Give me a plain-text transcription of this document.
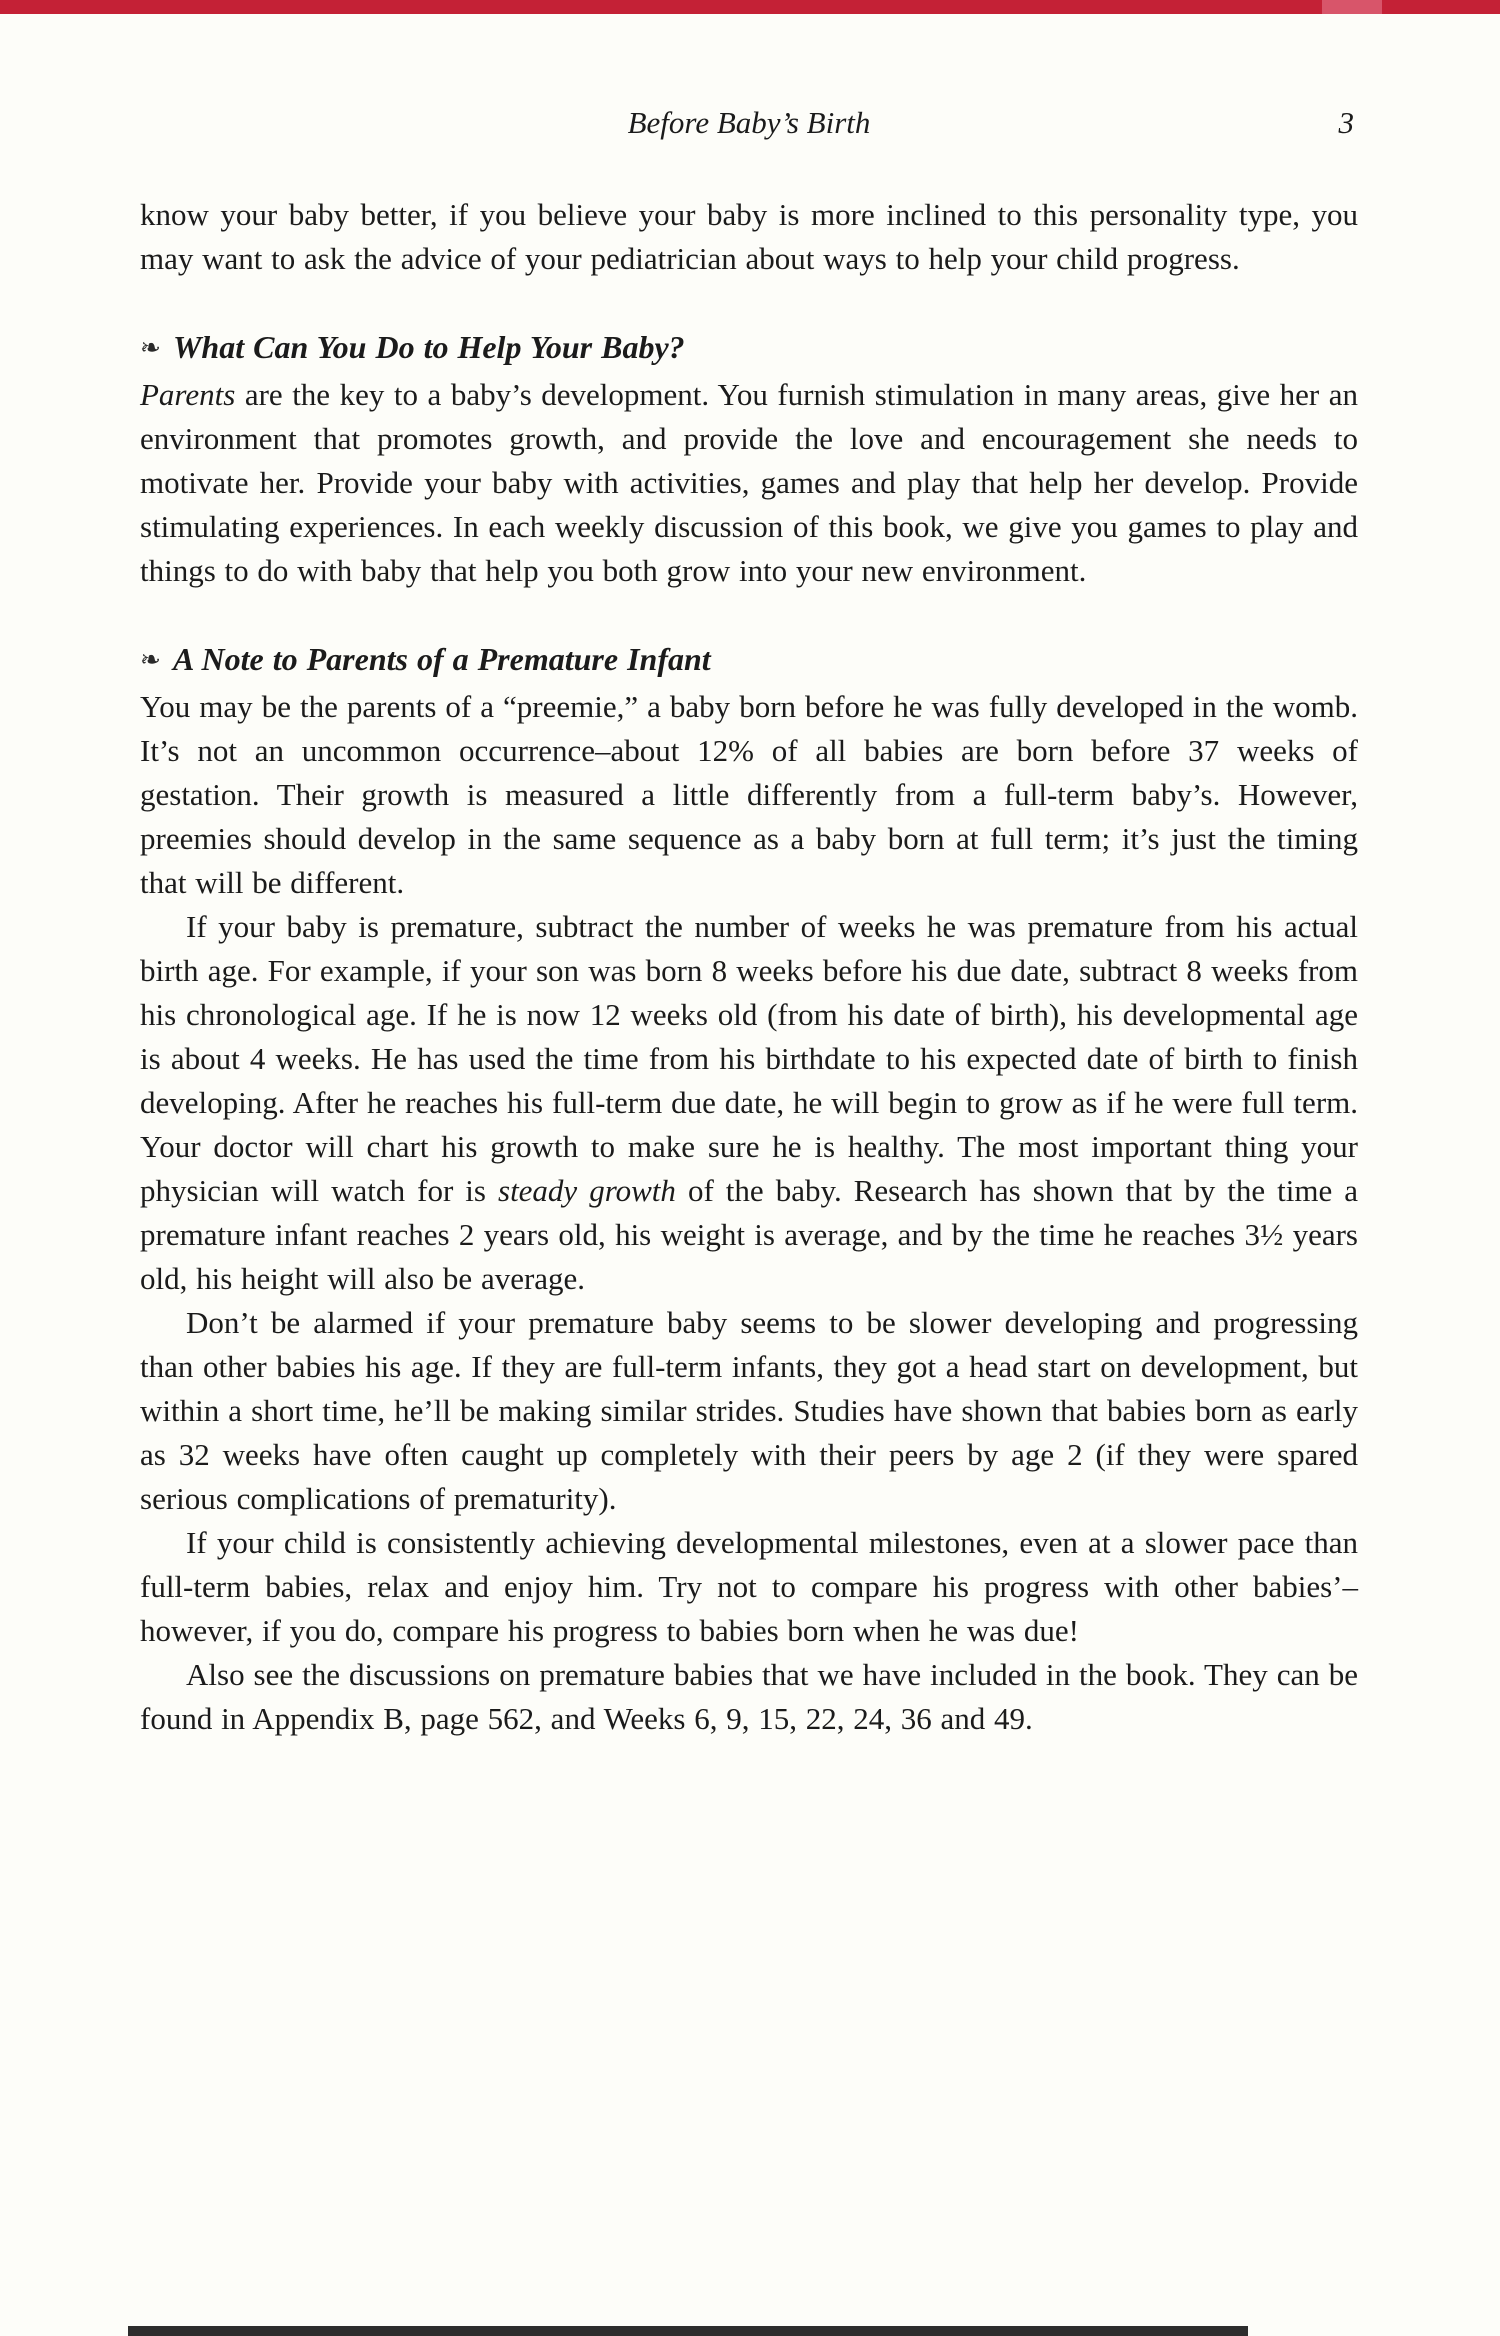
Before Baby’s Birth	3

know your baby better, if you believe your baby is more inclined to this personality type, you may want to ask the advice of your pediatrician about ways to help your child progress.

❧ What Can You Do to Help Your Baby?

Parents are the key to a baby’s development. You furnish stimulation in many areas, give her an environment that promotes growth, and provide the love and encouragement she needs to motivate her. Provide your baby with activities, games and play that help her develop. Provide stimulating experiences. In each weekly discussion of this book, we give you games to play and things to do with baby that help you both grow into your new environment.

❧ A Note to Parents of a Premature Infant

You may be the parents of a “preemie,” a baby born before he was fully developed in the womb. It’s not an uncommon occurrence–about 12% of all babies are born before 37 weeks of gestation. Their growth is measured a little differently from a full-term baby’s. However, preemies should develop in the same sequence as a baby born at full term; it’s just the timing that will be different.

If your baby is premature, subtract the number of weeks he was premature from his actual birth age. For example, if your son was born 8 weeks before his due date, subtract 8 weeks from his chronological age. If he is now 12 weeks old (from his date of birth), his developmental age is about 4 weeks. He has used the time from his birthdate to his expected date of birth to finish developing. After he reaches his full-term due date, he will begin to grow as if he were full term. Your doctor will chart his growth to make sure he is healthy. The most important thing your physician will watch for is steady growth of the baby. Research has shown that by the time a premature infant reaches 2 years old, his weight is average, and by the time he reaches 3½ years old, his height will also be average.

Don’t be alarmed if your premature baby seems to be slower developing and progressing than other babies his age. If they are full-term infants, they got a head start on development, but within a short time, he’ll be making similar strides. Studies have shown that babies born as early as 32 weeks have often caught up completely with their peers by age 2 (if they were spared serious complications of prematurity).

If your child is consistently achieving developmental milestones, even at a slower pace than full-term babies, relax and enjoy him. Try not to compare his progress with other babies’–however, if you do, compare his progress to babies born when he was due!

Also see the discussions on premature babies that we have included in the book. They can be found in Appendix B, page 562, and Weeks 6, 9, 15, 22, 24, 36 and 49.
